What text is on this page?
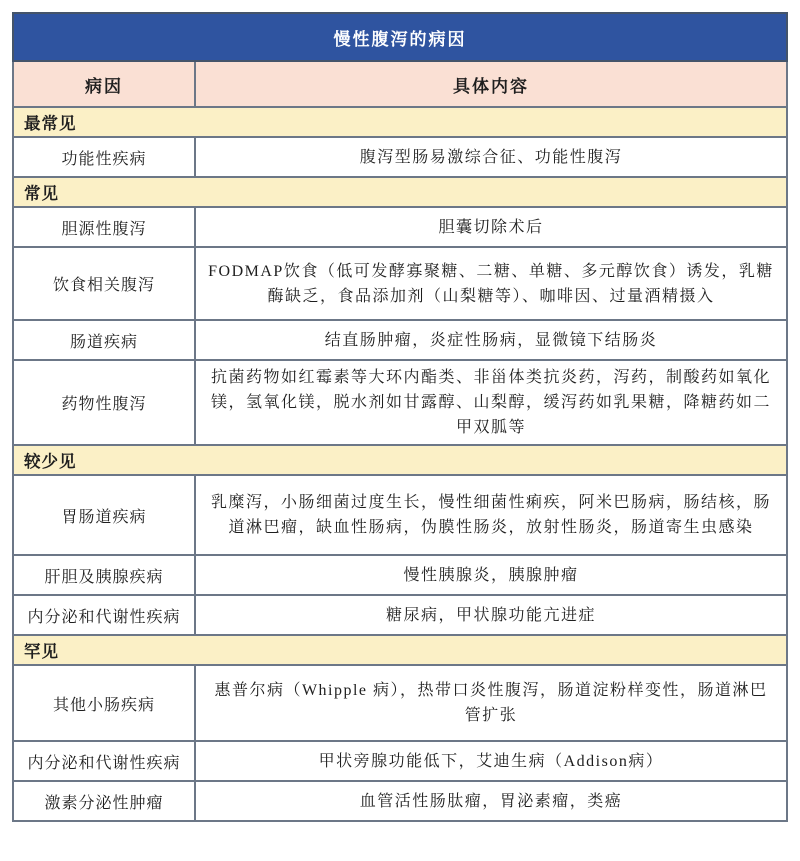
慢性腹泻的病因	
病因	具体内容
最常见	
功能性疾病	腹泻型肠易激综合征、功能性腹泻
常见	
胆源性腹泻	胆囊切除术后
饮食相关腹泻	FODMAP饮食（低可发酵寡聚糖、二糖、单糖、多元醇饮食）诱发，乳糖酶缺乏，食品添加剂（山梨糖等）、咖啡因、过量酒精摄入
肠道疾病	结直肠肿瘤，炎症性肠病，显微镜下结肠炎
药物性腹泻	抗菌药物如红霉素等大环内酯类、非甾体类抗炎药，泻药，制酸药如氧化镁，氢氧化镁，脱水剂如甘露醇、山梨醇，缓泻药如乳果糖，降糖药如二甲双胍等
较少见	
胃肠道疾病	乳糜泻，小肠细菌过度生长，慢性细菌性痢疾，阿米巴肠病，肠结核，肠道淋巴瘤，缺血性肠病，伪膜性肠炎，放射性肠炎，肠道寄生虫感染
肝胆及胰腺疾病	慢性胰腺炎，胰腺肿瘤
内分泌和代谢性疾病	糖尿病，甲状腺功能亢进症
罕见	
其他小肠疾病	惠普尔病（Whipple 病），热带口炎性腹泻，肠道淀粉样变性，肠道淋巴管扩张
内分泌和代谢性疾病	甲状旁腺功能低下，艾迪生病（Addison病）
激素分泌性肿瘤	血管活性肠肽瘤，胃泌素瘤，类癌
